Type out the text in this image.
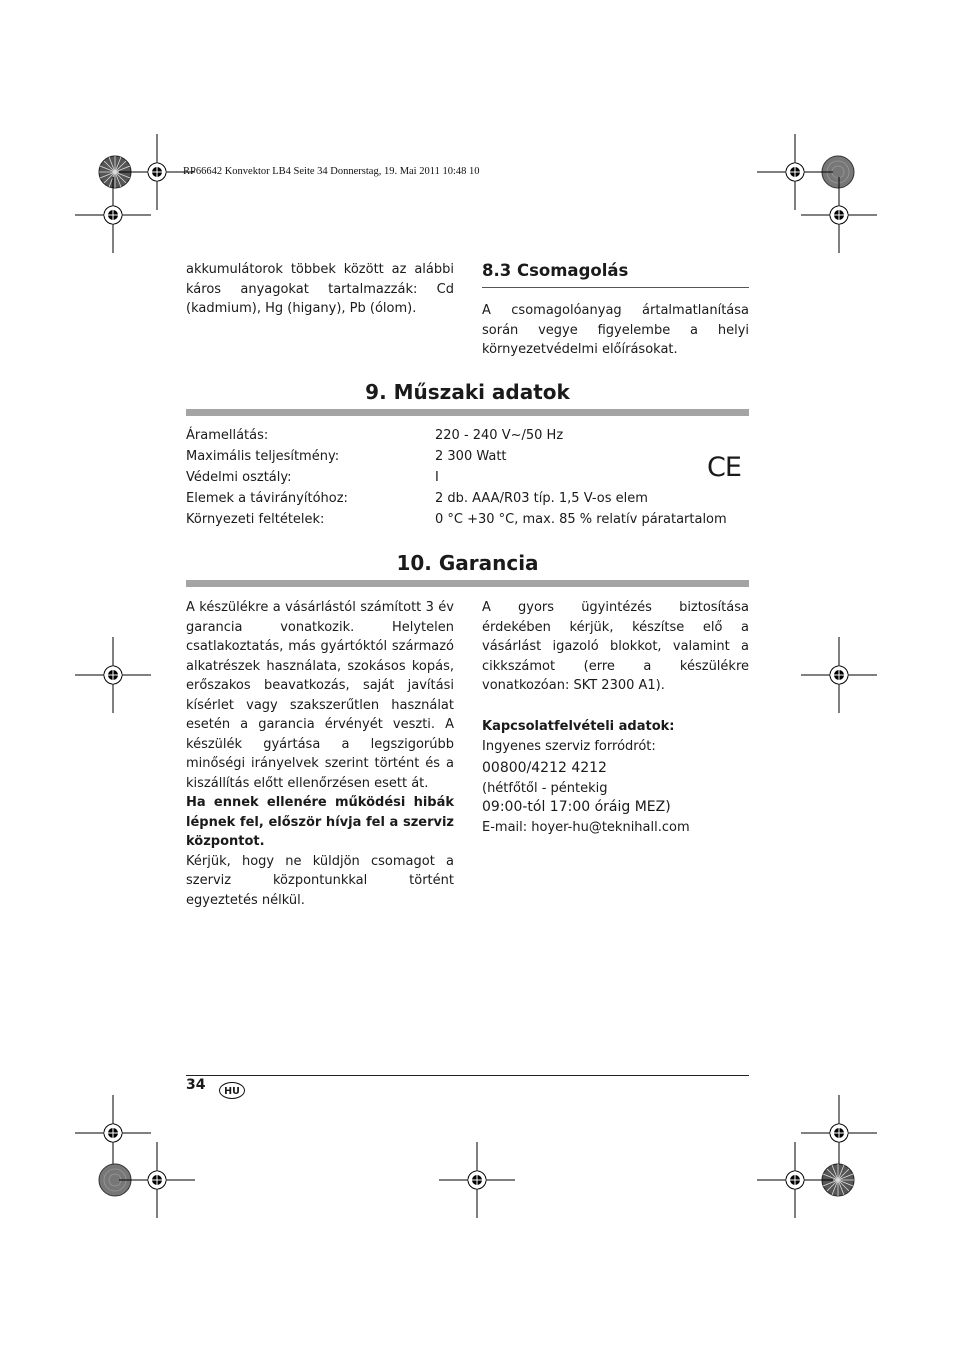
RP66642 Konvektor LB4 Seite 34 Donnerstag, 19. Mai 2011 10:48 10
akkumulátorok többek között az alábbi káros anyagokat tartalmazzák: Cd (kadmium), Hg (higany), Pb (ólom).
8.3 Csomagolás
A csomagolóanyag ártalmatlanítása során vegye figyelembe a helyi környezetvédelmi előírásokat.
9. Műszaki adatok
Áramellátás:	220 - 240 V~/50 Hz
Maximális teljesítmény:	2 300 Watt
Védelmi osztály:	I
Elemek a távirányítóhoz:	2 db. AAA/R03 típ. 1,5 V-os elem
Környezeti feltételek:	0 °C +30 °C, max. 85 % relatív páratartalom
CE
10. Garancia
A készülékre a vásárlástól számított 3 év garancia vonatkozik. Helytelen csatlakoztatás, más gyártóktól származó alkatrészek használata, szokásos kopás, erőszakos beavatkozás, saját javítási kísérlet vagy szakszerűtlen használat esetén a garancia érvényét veszti. A készülék gyártása a legszigorúbb minőségi irányelvek szerint történt és a kiszállítás előtt ellenőrzésen esett át.
Ha ennek ellenére működési hibák lépnek fel, először hívja fel a szerviz központot.
Kérjük, hogy ne küldjön csomagot a szerviz központunkkal történt egyeztetés nélkül.
A gyors ügyintézés biztosítása érdekében kérjük, készítse elő a vásárlást igazoló blokkot, valamint a cikkszámot (erre a készülékre vonatkozóan: SKT 2300 A1).
Kapcsolatfelvételi adatok:
Ingyenes szerviz forródrót:
00800/4212 4212
(hétfőtől - péntekig
09:00-tól 17:00 óráig MEZ)
E-mail: hoyer-hu@teknihall.com
34	HU
